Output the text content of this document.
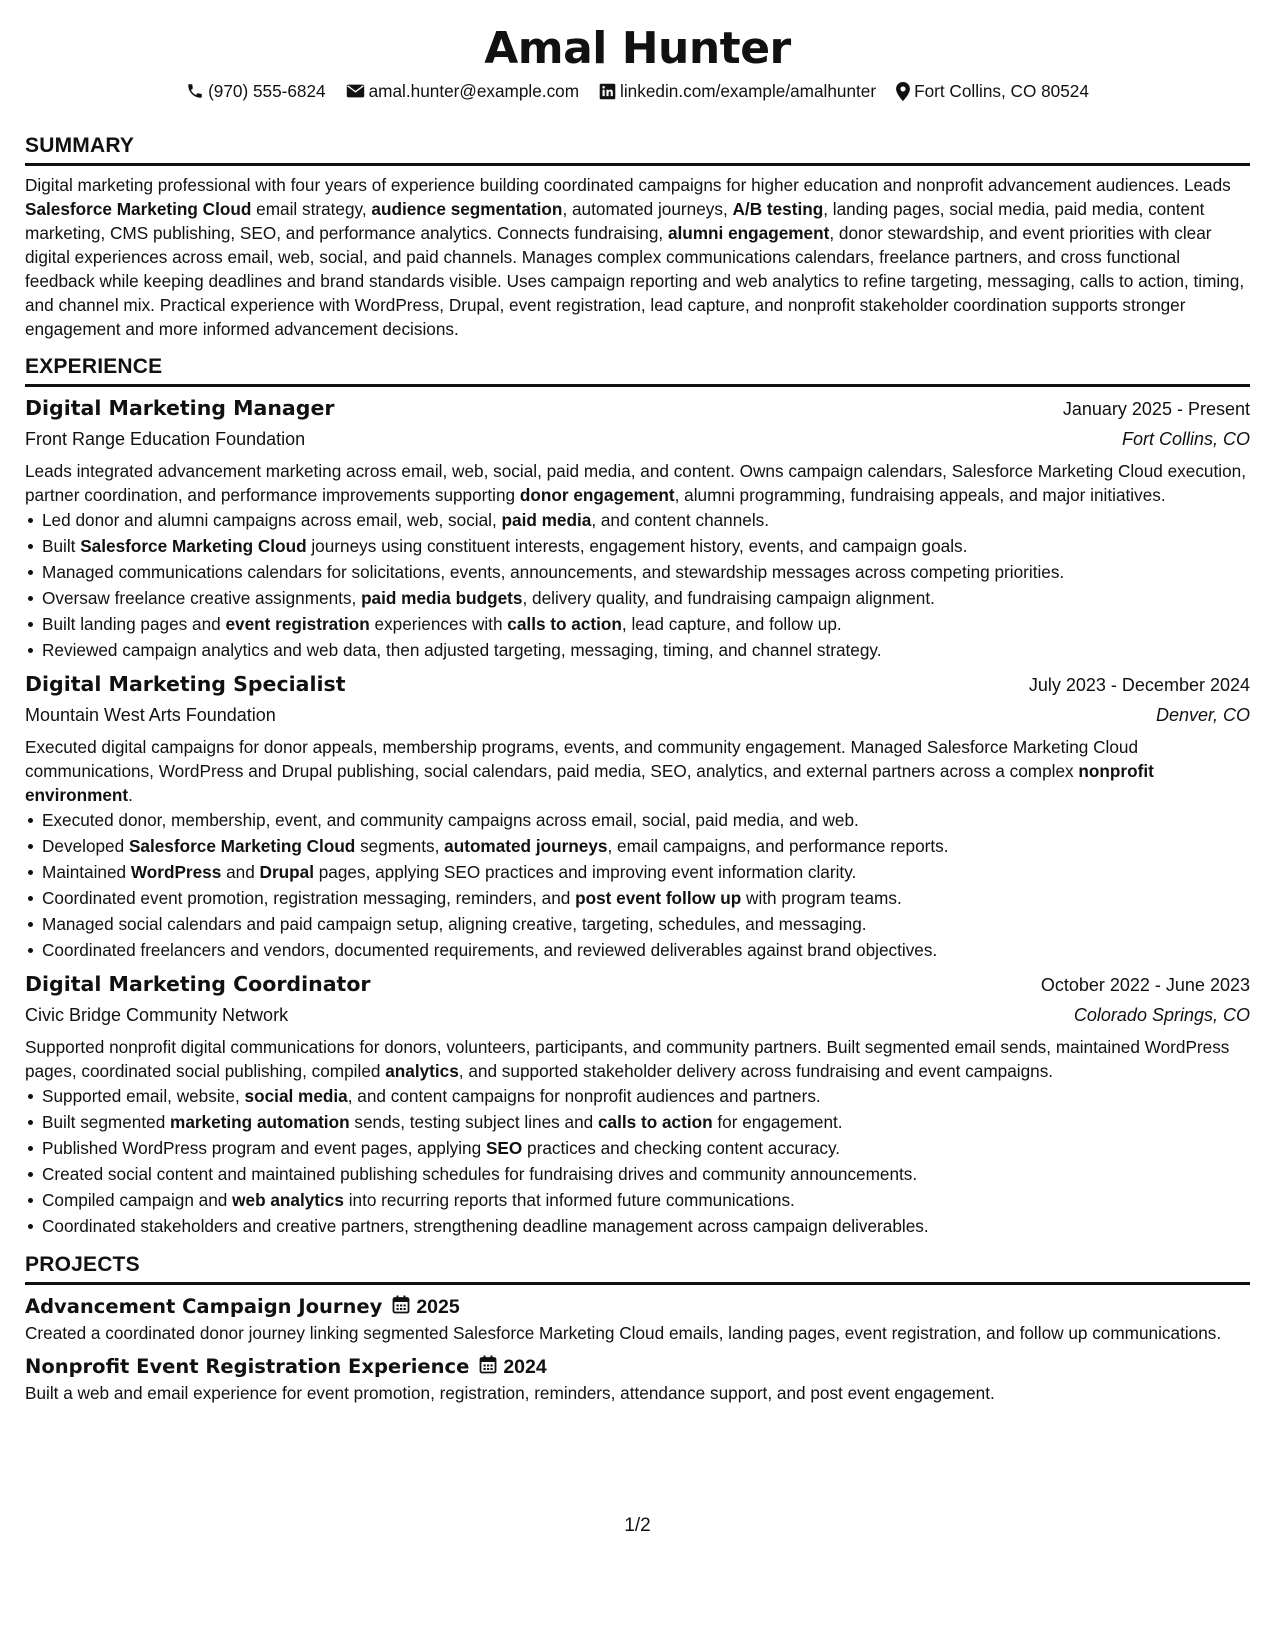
Amal Hunter
(970) 555-6824	amal.hunter@example.com linkedin.com/example/amalhunter Fort Collins, CO 80524
SUMMARY

Digital marketing professional with four years of experience building coordinated campaigns for higher education and nonprofit advancement audiences. Leads Salesforce Marketing Cloud email strategy, audience segmentation, automated journeys, A/B testing, landing pages, social media, paid media, content marketing, CMS publishing, SEO, and performance analytics. Connects fundraising, alumni engagement, donor stewardship, and event priorities with clear digital experiences across email, web, social, and paid channels. Manages complex communications calendars, freelance partners, and cross functional feedback while keeping deadlines and brand standards visible. Uses campaign reporting and web analytics to refine targeting, messaging, calls to action, timing, and channel mix. Practical experience with WordPress, Drupal, event registration, lead capture, and nonprofit stakeholder coordination supports stronger engagement and more informed advancement decisions.

EXPERIENCE
Digital Marketing Manager	January 2025 - Present
Front Range Education Foundation	Fort Collins, CO

Leads integrated advancement marketing across email, web, social, paid media, and content. Owns campaign calendars, Salesforce Marketing Cloud execution, partner coordination, and performance improvements supporting donor engagement, alumni programming, fundraising appeals, and major initiatives.

Led donor and alumni campaigns across email, web, social, paid media, and content channels.
Built Salesforce Marketing Cloud journeys using constituent interests, engagement history, events, and campaign goals.
Managed communications calendars for solicitations, events, announcements, and stewardship messages across competing priorities.
Oversaw freelance creative assignments, paid media budgets, delivery quality, and fundraising campaign alignment.
Built landing pages and event registration experiences with calls to action, lead capture, and follow up.
Reviewed campaign analytics and web data, then adjusted targeting, messaging, timing, and channel strategy.
Digital Marketing Specialist	July 2023 - December 2024
Mountain West Arts Foundation	Denver, CO

Executed digital campaigns for donor appeals, membership programs, events, and community engagement. Managed Salesforce Marketing Cloud communications, WordPress and Drupal publishing, social calendars, paid media, SEO, analytics, and external partners across a complex nonprofit environment.

Executed donor, membership, event, and community campaigns across email, social, paid media, and web.
Developed Salesforce Marketing Cloud segments, automated journeys, email campaigns, and performance reports.
Maintained WordPress and Drupal pages, applying SEO practices and improving event information clarity.
Coordinated event promotion, registration messaging, reminders, and post event follow up with program teams.
Managed social calendars and paid campaign setup, aligning creative, targeting, schedules, and messaging.
Coordinated freelancers and vendors, documented requirements, and reviewed deliverables against brand objectives.
Digital Marketing Coordinator	October 2022 - June 2023
Civic Bridge Community Network	Colorado Springs, CO

Supported nonprofit digital communications for donors, volunteers, participants, and community partners. Built segmented email sends, maintained WordPress pages, coordinated social publishing, compiled analytics, and supported stakeholder delivery across fundraising and event campaigns.

Supported email, website, social media, and content campaigns for nonprofit audiences and partners.
Built segmented marketing automation sends, testing subject lines and calls to action for engagement.
Published WordPress program and event pages, applying SEO practices and checking content accuracy.
Created social content and maintained publishing schedules for fundraising drives and community announcements.
Compiled campaign and web analytics into recurring reports that informed future communications.
Coordinated stakeholders and creative partners, strengthening deadline management across campaign deliverables.
PROJECTS
Advancement Campaign Journey 2025

Created a coordinated donor journey linking segmented Salesforce Marketing Cloud emails, landing pages, event registration, and follow up communications.

Nonprofit Event Registration Experience 2024

Built a web and email experience for event promotion, registration, reminders, attendance support, and post event engagement.

1/2
